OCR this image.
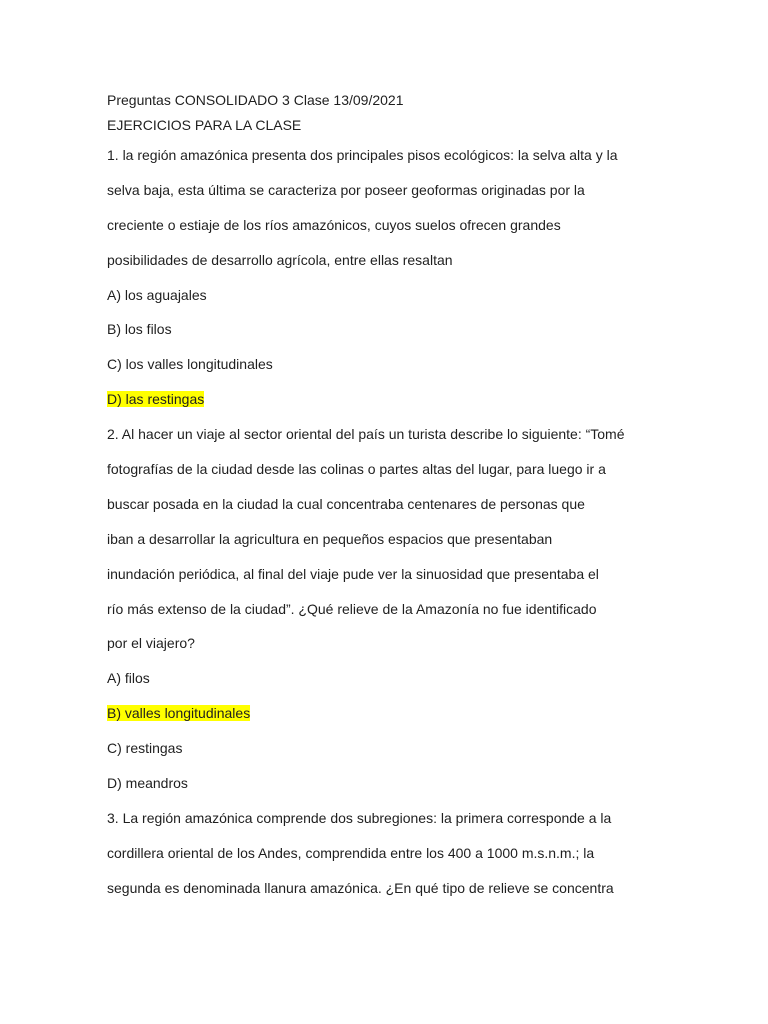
Preguntas CONSOLIDADO 3 Clase 13/09/2021
EJERCICIOS PARA LA CLASE
1. la región amazónica presenta dos principales pisos ecológicos: la selva alta y la
selva baja, esta última se caracteriza por poseer geoformas originadas por la
creciente o estiaje de los ríos amazónicos, cuyos suelos ofrecen grandes
posibilidades de desarrollo agrícola, entre ellas resaltan
A) los aguajales
B) los filos
C) los valles longitudinales
D) las restingas
2. Al hacer un viaje al sector oriental del país un turista describe lo siguiente: “Tomé
fotografías de la ciudad desde las colinas o partes altas del lugar, para luego ir a
buscar posada en la ciudad la cual concentraba centenares de personas que
iban a desarrollar la agricultura en pequeños espacios que presentaban
inundación periódica, al final del viaje pude ver la sinuosidad que presentaba el
río más extenso de la ciudad”. ¿Qué relieve de la Amazonía no fue identificado
por el viajero?
A) filos
B) valles longitudinales
C) restingas
D) meandros
3. La región amazónica comprende dos subregiones: la primera corresponde a la
cordillera oriental de los Andes, comprendida entre los 400 a 1000 m.s.n.m.; la
segunda es denominada llanura amazónica. ¿En qué tipo de relieve se concentra
